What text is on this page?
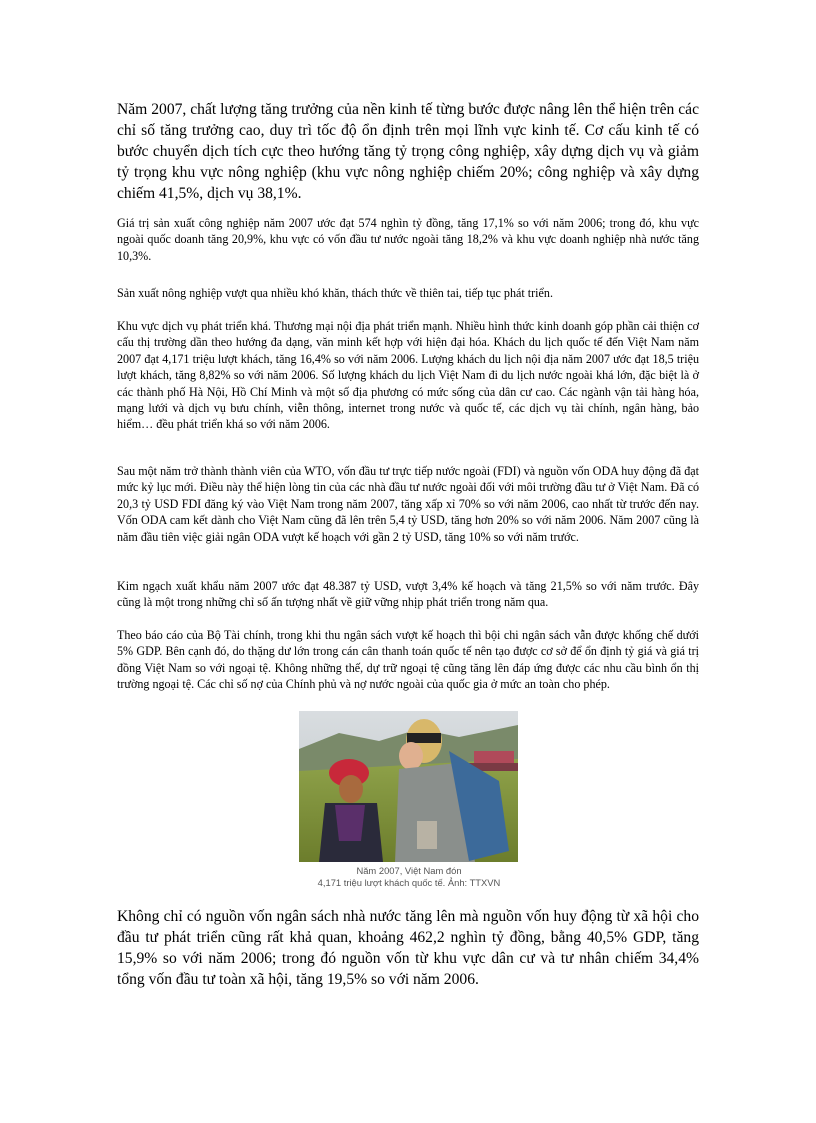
Năm 2007, chất lượng tăng trưởng của nền kinh tế từng bước được nâng lên thể hiện trên các chỉ số tăng trưởng cao, duy trì tốc độ ổn định trên mọi lĩnh vực kinh tế. Cơ cấu kinh tế có bước chuyển dịch tích cực theo hướng tăng tỷ trọng công nghiệp, xây dựng dịch vụ và giảm tỷ trọng khu vực nông nghiệp (khu vực nông nghiệp chiếm 20%; công nghiệp và xây dựng chiếm 41,5%, dịch vụ 38,1%.

Giá trị sản xuất công nghiệp năm 2007 ước đạt 574 nghìn tỷ đồng, tăng 17,1% so với năm 2006; trong đó, khu vực ngoài quốc doanh tăng 20,9%, khu vực có vốn đầu tư nước ngoài tăng 18,2% và khu vực doanh nghiệp nhà nước tăng 10,3%.

Sản xuất nông nghiệp vượt qua nhiều khó khăn, thách thức về thiên tai, tiếp tục phát triển.

Khu vực dịch vụ phát triển khá. Thương mại nội địa phát triển mạnh. Nhiều hình thức kinh doanh góp phần cải thiện cơ cấu thị trường dần theo hướng đa dạng, văn minh kết hợp với hiện đại hóa. Khách du lịch quốc tế đến Việt Nam năm 2007 đạt 4,171 triệu lượt khách, tăng 16,4% so với năm 2006. Lượng khách du lịch nội địa năm 2007 ước đạt 18,5 triệu lượt khách, tăng 8,82% so với năm 2006. Số lượng khách du lịch Việt Nam đi du lịch nước ngoài khá lớn, đặc biệt là ở các thành phố Hà Nội, Hồ Chí Minh và một số địa phương có mức sống của dân cư cao. Các ngành vận tải hàng hóa, mạng lưới và dịch vụ bưu chính, viễn thông, internet trong nước và quốc tế, các dịch vụ tài chính, ngân hàng, bảo hiểm… đều phát triển khá so với năm 2006.

Sau một năm trở thành thành viên của WTO, vốn đầu tư trực tiếp nước ngoài (FDI) và nguồn vốn ODA huy động đã đạt mức kỷ lục mới. Điều này thể hiện lòng tin của các nhà đầu tư nước ngoài đối với môi trường đầu tư ở Việt Nam. Đã có 20,3 tỷ USD FDI đăng ký vào Việt Nam trong năm 2007, tăng xấp xỉ 70% so với năm 2006, cao nhất từ trước đến nay. Vốn ODA cam kết dành cho Việt Nam cũng đã lên trên 5,4 tỷ USD, tăng hơn 20% so với năm 2006. Năm 2007 cũng là năm đầu tiên việc giải ngân ODA vượt kế hoạch với gần 2 tỷ USD, tăng 10% so với năm trước.

Kim ngạch xuất khẩu năm 2007 ước đạt 48.387 tỷ USD, vượt 3,4% kế hoạch và tăng 21,5% so với năm trước. Đây cũng là một trong những chỉ số ấn tượng nhất về giữ vững nhịp phát triển trong năm qua.

Theo báo cáo của Bộ Tài chính, trong khi thu ngân sách vượt kế hoạch thì bội chi ngân sách vẫn được khống chế dưới 5% GDP. Bên cạnh đó, do thặng dư lớn trong cán cân thanh toán quốc tế nên tạo được cơ sở để ổn định tỷ giá và giá trị đồng Việt Nam so với ngoại tệ. Không những thế, dự trữ ngoại tệ cũng tăng lên đáp ứng được các nhu cầu bình ổn thị trường ngoại tệ. Các chỉ số nợ của Chính phủ và nợ nước ngoài của quốc gia ở mức an toàn cho phép.

Năm 2007, Việt Nam đón
4,171 triệu lượt khách quốc tế. Ảnh: TTXVN

Không chỉ có nguồn vốn ngân sách nhà nước tăng lên mà nguồn vốn huy động từ xã hội cho đầu tư phát triển cũng rất khả quan, khoảng 462,2 nghìn tỷ đồng, bằng 40,5% GDP, tăng 15,9% so với năm 2006; trong đó nguồn vốn từ khu vực dân cư và tư nhân chiếm 34,4% tổng vốn đầu tư toàn xã hội, tăng 19,5% so với năm 2006.
